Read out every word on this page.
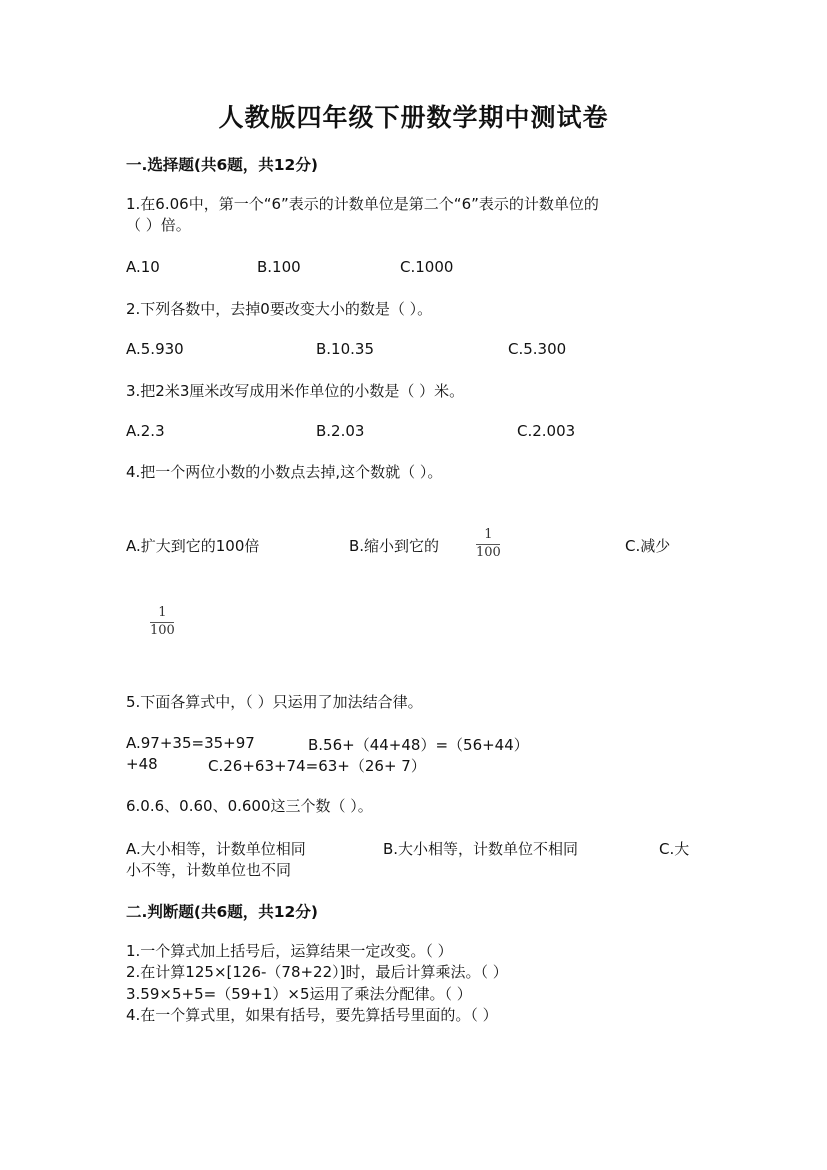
人教版四年级下册数学期中测试卷
一.选择题(共6题，共12分)
1.在6.06中，第一个“6”表示的计数单位是第二个“6”表示的计数单位的
（ ）倍。
A.10	B.100	C.1000
2.下列各数中，去掉0要改变大小的数是（ ）。
A.5.930	B.10.35	C.5.300
3.把2米3厘米改写成用米作单位的小数是（ ）米。
A.2.3	B.2.03	C.2.003
4.把一个两位小数的小数点去掉,这个数就（ ）。
A.扩大到它的100倍	B.缩小到它的
1
100	C.减少
1
100
5.下面各算式中，（ ）只运用了加法结合律。
A.97+35=35+97	B.56+（44+48）=（56+44）
+48	C.26+63+74=63+（26+ 7）
6.0.6、0.60、0.600这三个数（ ）。
A.大小相等，计数单位相同	B.大小相等，计数单位不相同	C.大
小不等，计数单位也不同
二.判断题(共6题，共12分)
1.一个算式加上括号后，运算结果一定改变。（ ）
2.在计算125×[126-（78+22）]时，最后计算乘法。（ ）
3.59×5+5=（59+1）×5运用了乘法分配律。（ ）
4.在一个算式里，如果有括号，要先算括号里面的。（ ）
